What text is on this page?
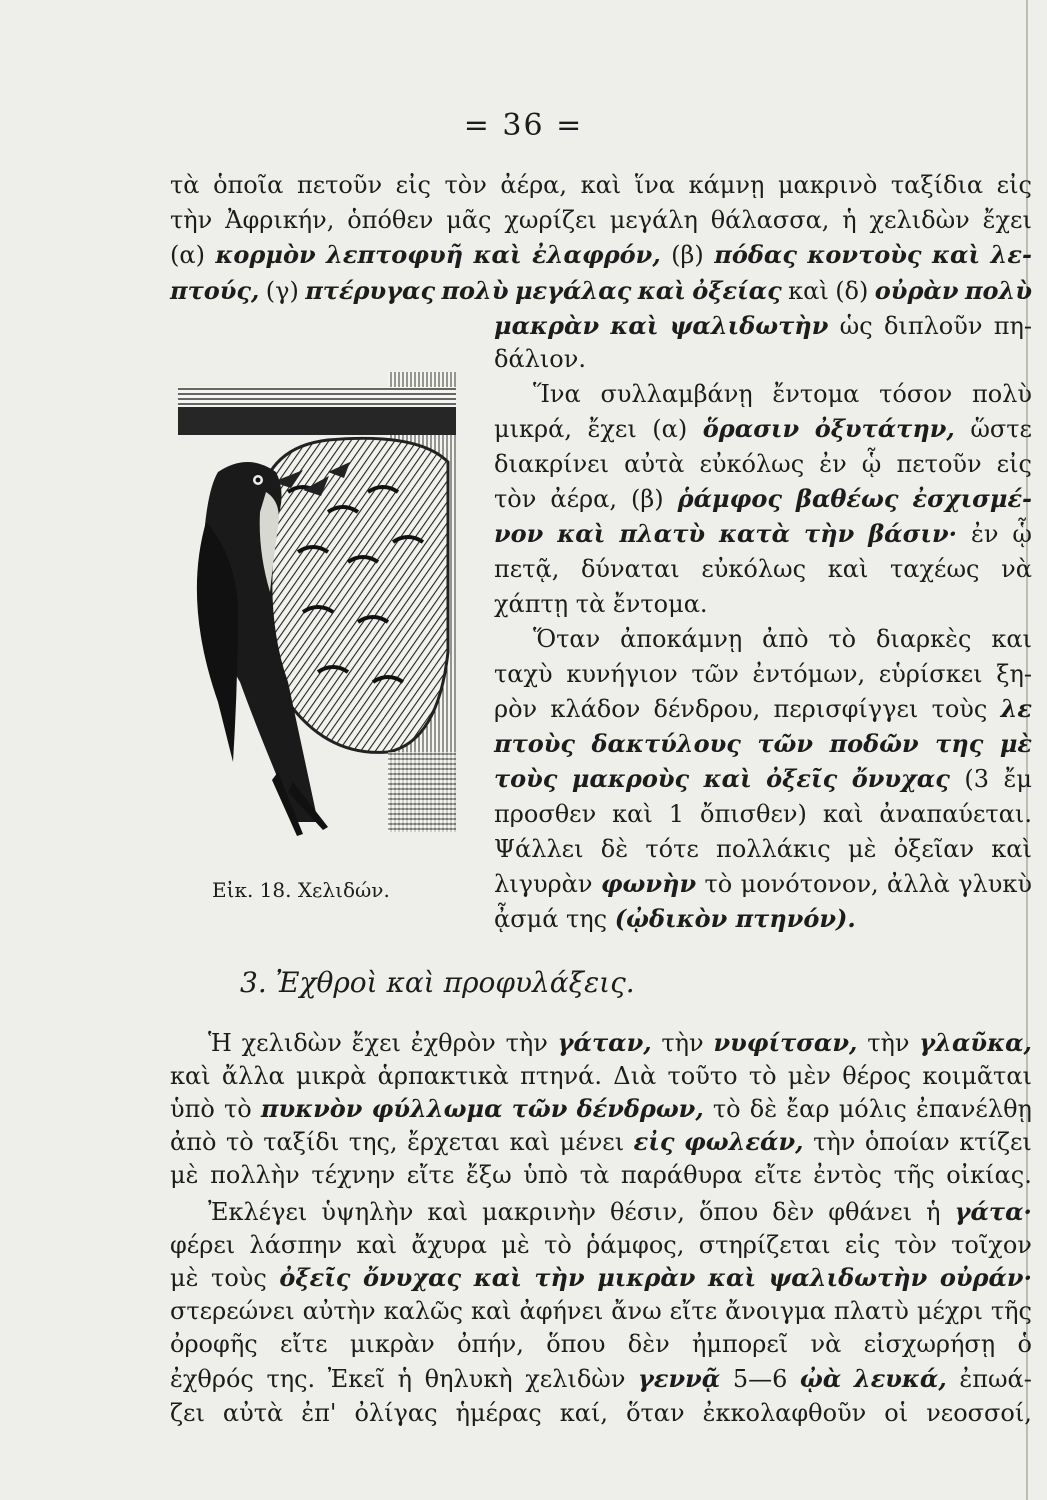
= 36 =
τὰ ὁποῖα πετοῦν εἰς τὸν ἀέρα, καὶ ἵνα κάμνῃ μακρινὸ ταξίδια εἰς
τὴν Ἀφρικήν, ὁπόθεν μᾶς χωρίζει μεγάλη θάλασσα, ἡ χελιδὼν ἔχει
(α) κορμὸν λεπτοφυῆ καὶ ἐλαφρόν, (β) πόδας κοντοὺς καὶ λε-
πτούς, (γ) πτέρυγας πολὺ μεγάλας καὶ ὀξείας καὶ (δ) οὐρὰν πολὺ
μακρὰν καὶ ψαλιδωτὴν ὡς διπλοῦν πη-
δάλιον.
Ἵνα συλλαμβάνῃ ἔντομα τόσον πολὺ
μικρά, ἔχει (α) ὅρασιν ὀξυτάτην, ὥστε
διακρίνει αὐτὰ εὐκόλως ἐν ᾧ πετοῦν εἰς
τὸν ἀέρα, (β) ῥάμφος βαθέως ἐσχισμέ-
νον καὶ πλατὺ κατὰ τὴν βάσιν· ἐν ᾧ
πετᾷ, δύναται εὐκόλως καὶ ταχέως νὰ
χάπτῃ τὰ ἔντομα.
Ὅταν ἀποκάμνῃ ἀπὸ τὸ διαρκὲς και
ταχὺ κυνήγιον τῶν ἐντόμων, εὑρίσκει ξη-
ρὸν κλάδον δένδρου, περισφίγγει τοὺς λε
πτοὺς δακτύλους τῶν ποδῶν της μὲ
τοὺς μακροὺς καὶ ὀξεῖς ὄνυχας (3 ἔμ
προσθεν καὶ 1 ὄπισθεν) καὶ ἀναπαύεται.
Ψάλλει δὲ τότε πολλάκις μὲ ὀξεῖαν καὶ
λιγυρὰν φωνὴν τὸ μονότονον, ἀλλὰ γλυκὺ
ᾆσμά της (ᾠδικὸν πτηνόν).
Εἰκ. 18. Χελιδών.
3. Ἐχθροὶ καὶ προφυλάξεις.
Ἡ χελιδὼν ἔχει ἐχθρὸν τὴν γάταν, τὴν νυφίτσαν, τὴν γλαῦκα,
καὶ ἄλλα μικρὰ ἁρπακτικὰ πτηνά. Διὰ τοῦτο τὸ μὲν θέρος κοιμᾶται
ὑπὸ τὸ πυκνὸν φύλλωμα τῶν δένδρων, τὸ δὲ ἔαρ μόλις ἐπανέλθῃ
ἀπὸ τὸ ταξίδι της, ἔρχεται καὶ μένει εἰς φωλεάν, τὴν ὁποίαν κτίζει
μὲ πολλὴν τέχνην εἴτε ἔξω ὑπὸ τὰ παράθυρα εἴτε ἐντὸς τῆς οἰκίας.
Ἐκλέγει ὑψηλὴν καὶ μακρινὴν θέσιν, ὅπου δὲν φθάνει ἡ γάτα·
φέρει λάσπην καὶ ἄχυρα μὲ τὸ ῥάμφος, στηρίζεται εἰς τὸν τοῖχον
μὲ τοὺς ὀξεῖς ὄνυχας καὶ τὴν μικρὰν καὶ ψαλιδωτὴν οὐράν·
στερεώνει αὐτὴν καλῶς καὶ ἀφήνει ἄνω εἴτε ἄνοιγμα πλατὺ μέχρι τῆς
ὀροφῆς εἴτε μικρὰν ὀπήν, ὅπου δὲν ἠμπορεῖ νὰ εἰσχωρήσῃ ὁ
ἐχθρός της. Ἐκεῖ ἡ θηλυκὴ χελιδὼν γεννᾷ 5—6 ᾠὰ λευκά, ἐπωά-
ζει αὐτὰ ἐπ' ὀλίγας ἡμέρας καί, ὅταν ἐκκολαφθοῦν οἱ νεοσσοί,
